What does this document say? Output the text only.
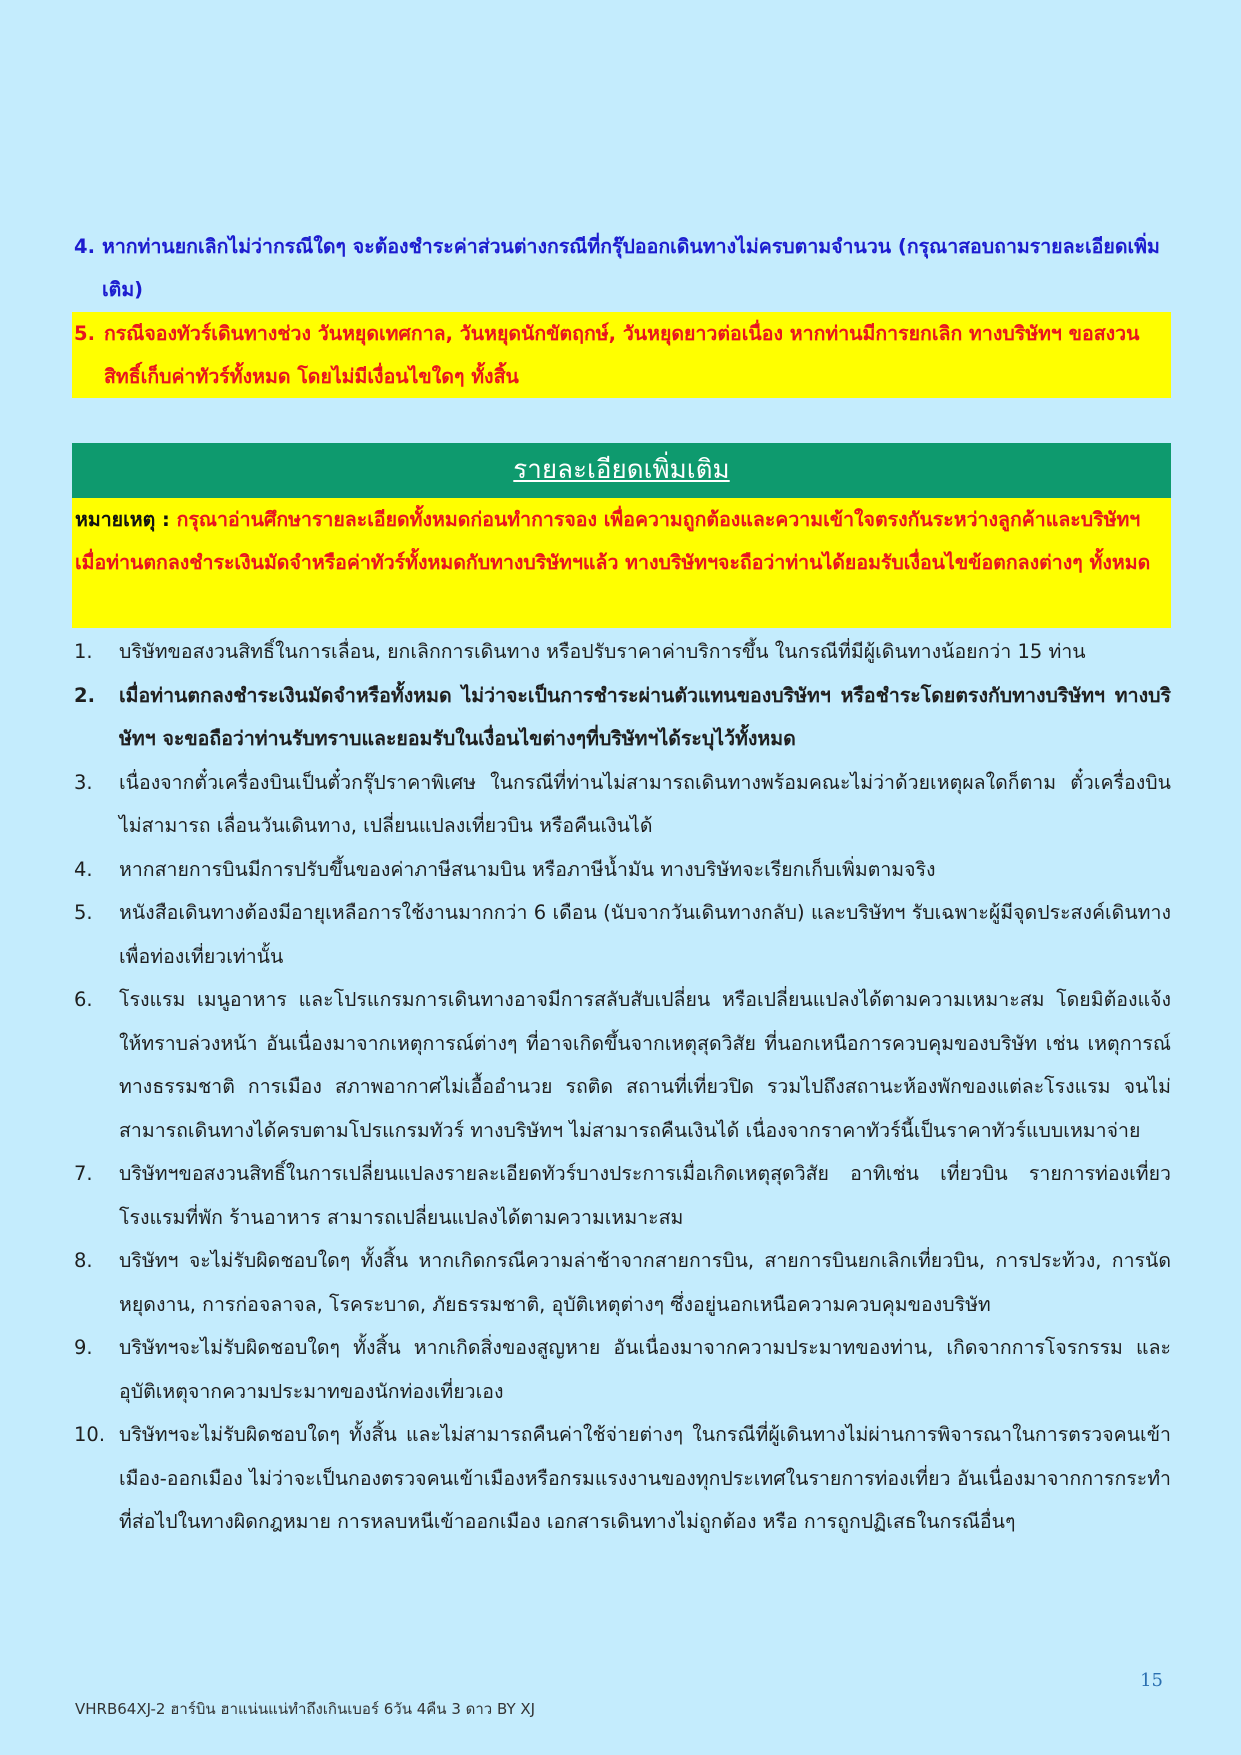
4. หากท่านยกเลิกไม่ว่ากรณีใดๆ จะต้องชำระค่าส่วนต่างกรณีที่กรุ๊ปออกเดินทางไม่ครบตามจำนวน (กรุณาสอบถามรายละเอียดเพิ่มเติม)
5. กรณีจองทัวร์เดินทางช่วง วันหยุดเทศกาล, วันหยุดนักขัตฤกษ์, วันหยุดยาวต่อเนื่อง หากท่านมีการยกเลิก ทางบริษัทฯ ขอสงวนสิทธิ์เก็บค่าทัวร์ทั้งหมด โดยไม่มีเงื่อนไขใดๆ ทั้งสิ้น
รายละเอียดเพิ่มเติม
หมายเหตุ : กรุณาอ่านศึกษารายละเอียดทั้งหมดก่อนทำการจอง เพื่อความถูกต้องและความเข้าใจตรงกันระหว่างลูกค้าและบริษัทฯ เมื่อท่านตกลงชำระเงินมัดจำหรือค่าทัวร์ทั้งหมดกับทางบริษัทฯแล้ว ทางบริษัทฯจะถือว่าท่านได้ยอมรับเงื่อนไขข้อตกลงต่างๆ ทั้งหมด
1.	บริษัทขอสงวนสิทธิ์ในการเลื่อน, ยกเลิกการเดินทาง หรือปรับราคาค่าบริการขึ้น ในกรณีที่มีผู้เดินทางน้อยกว่า 15 ท่าน
2.	เมื่อท่านตกลงชำระเงินมัดจำหรือทั้งหมด ไม่ว่าจะเป็นการชำระผ่านตัวแทนของบริษัทฯ หรือชำระโดยตรงกับทางบริษัทฯ ทางบริษัทฯ จะขอถือว่าท่านรับทราบและยอมรับในเงื่อนไขต่างๆที่บริษัทฯได้ระบุไว้ทั้งหมด
3.	เนื่องจากตั๋วเครื่องบินเป็นตั๋วกรุ๊ปราคาพิเศษ ในกรณีที่ท่านไม่สามารถเดินทางพร้อมคณะไม่ว่าด้วยเหตุผลใดก็ตาม ตั๋วเครื่องบินไม่สามารถ เลื่อนวันเดินทาง, เปลี่ยนแปลงเที่ยวบิน หรือคืนเงินได้
4.	หากสายการบินมีการปรับขึ้นของค่าภาษีสนามบิน หรือภาษีน้ำมัน ทางบริษัทจะเรียกเก็บเพิ่มตามจริง
5.	หนังสือเดินทางต้องมีอายุเหลือการใช้งานมากกว่า 6 เดือน (นับจากวันเดินทางกลับ) และบริษัทฯ รับเฉพาะผู้มีจุดประสงค์เดินทางเพื่อท่องเที่ยวเท่านั้น
6.	โรงแรม เมนูอาหาร และโปรแกรมการเดินทางอาจมีการสลับสับเปลี่ยน หรือเปลี่ยนแปลงได้ตามความเหมาะสม โดยมิต้องแจ้งให้ทราบล่วงหน้า อันเนื่องมาจากเหตุการณ์ต่างๆ ที่อาจเกิดขึ้นจากเหตุสุดวิสัย ที่นอกเหนือการควบคุมของบริษัท เช่น เหตุการณ์ทางธรรมชาติ การเมือง สภาพอากาศไม่เอื้ออำนวย รถติด สถานที่เที่ยวปิด รวมไปถึงสถานะห้องพักของแต่ละโรงแรม จนไม่สามารถเดินทางได้ครบตามโปรแกรมทัวร์ ทางบริษัทฯ ไม่สามารถคืนเงินได้ เนื่องจากราคาทัวร์นี้เป็นราคาทัวร์แบบเหมาจ่าย
7.	บริษัทฯขอสงวนสิทธิ์ในการเปลี่ยนแปลงรายละเอียดทัวร์บางประการเมื่อเกิดเหตุสุดวิสัย อาทิเช่น เที่ยวบิน รายการท่องเที่ยว โรงแรมที่พัก ร้านอาหาร สามารถเปลี่ยนแปลงได้ตามความเหมาะสม
8.	บริษัทฯ จะไม่รับผิดชอบใดๆ ทั้งสิ้น หากเกิดกรณีความล่าช้าจากสายการบิน, สายการบินยกเลิกเที่ยวบิน, การประท้วง, การนัดหยุดงาน, การก่อจลาจล, โรคระบาด, ภัยธรรมชาติ, อุบัติเหตุต่างๆ ซึ่งอยู่นอกเหนือความควบคุมของบริษัท
9.	บริษัทฯจะไม่รับผิดชอบใดๆ ทั้งสิ้น หากเกิดสิ่งของสูญหาย อันเนื่องมาจากความประมาทของท่าน, เกิดจากการโจรกรรม และ อุบัติเหตุจากความประมาทของนักท่องเที่ยวเอง
10. บริษัทฯจะไม่รับผิดชอบใดๆ ทั้งสิ้น และไม่สามารถคืนค่าใช้จ่ายต่างๆ ในกรณีที่ผู้เดินทางไม่ผ่านการพิจารณาในการตรวจคนเข้าเมือง-ออกเมือง ไม่ว่าจะเป็นกองตรวจคนเข้าเมืองหรือกรมแรงงานของทุกประเทศในรายการท่องเที่ยว อันเนื่องมาจากการกระทำที่ส่อไปในทางผิดกฎหมาย การหลบหนีเข้าออกเมือง เอกสารเดินทางไม่ถูกต้อง หรือ การถูกปฏิเสธในกรณีอื่นๆ
15
VHRB64XJ-2 ฮาร์บิน ฮาแน่นแน่ทำถึงเกินเบอร์ 6วัน 4คืน 3 ดาว BY XJ
